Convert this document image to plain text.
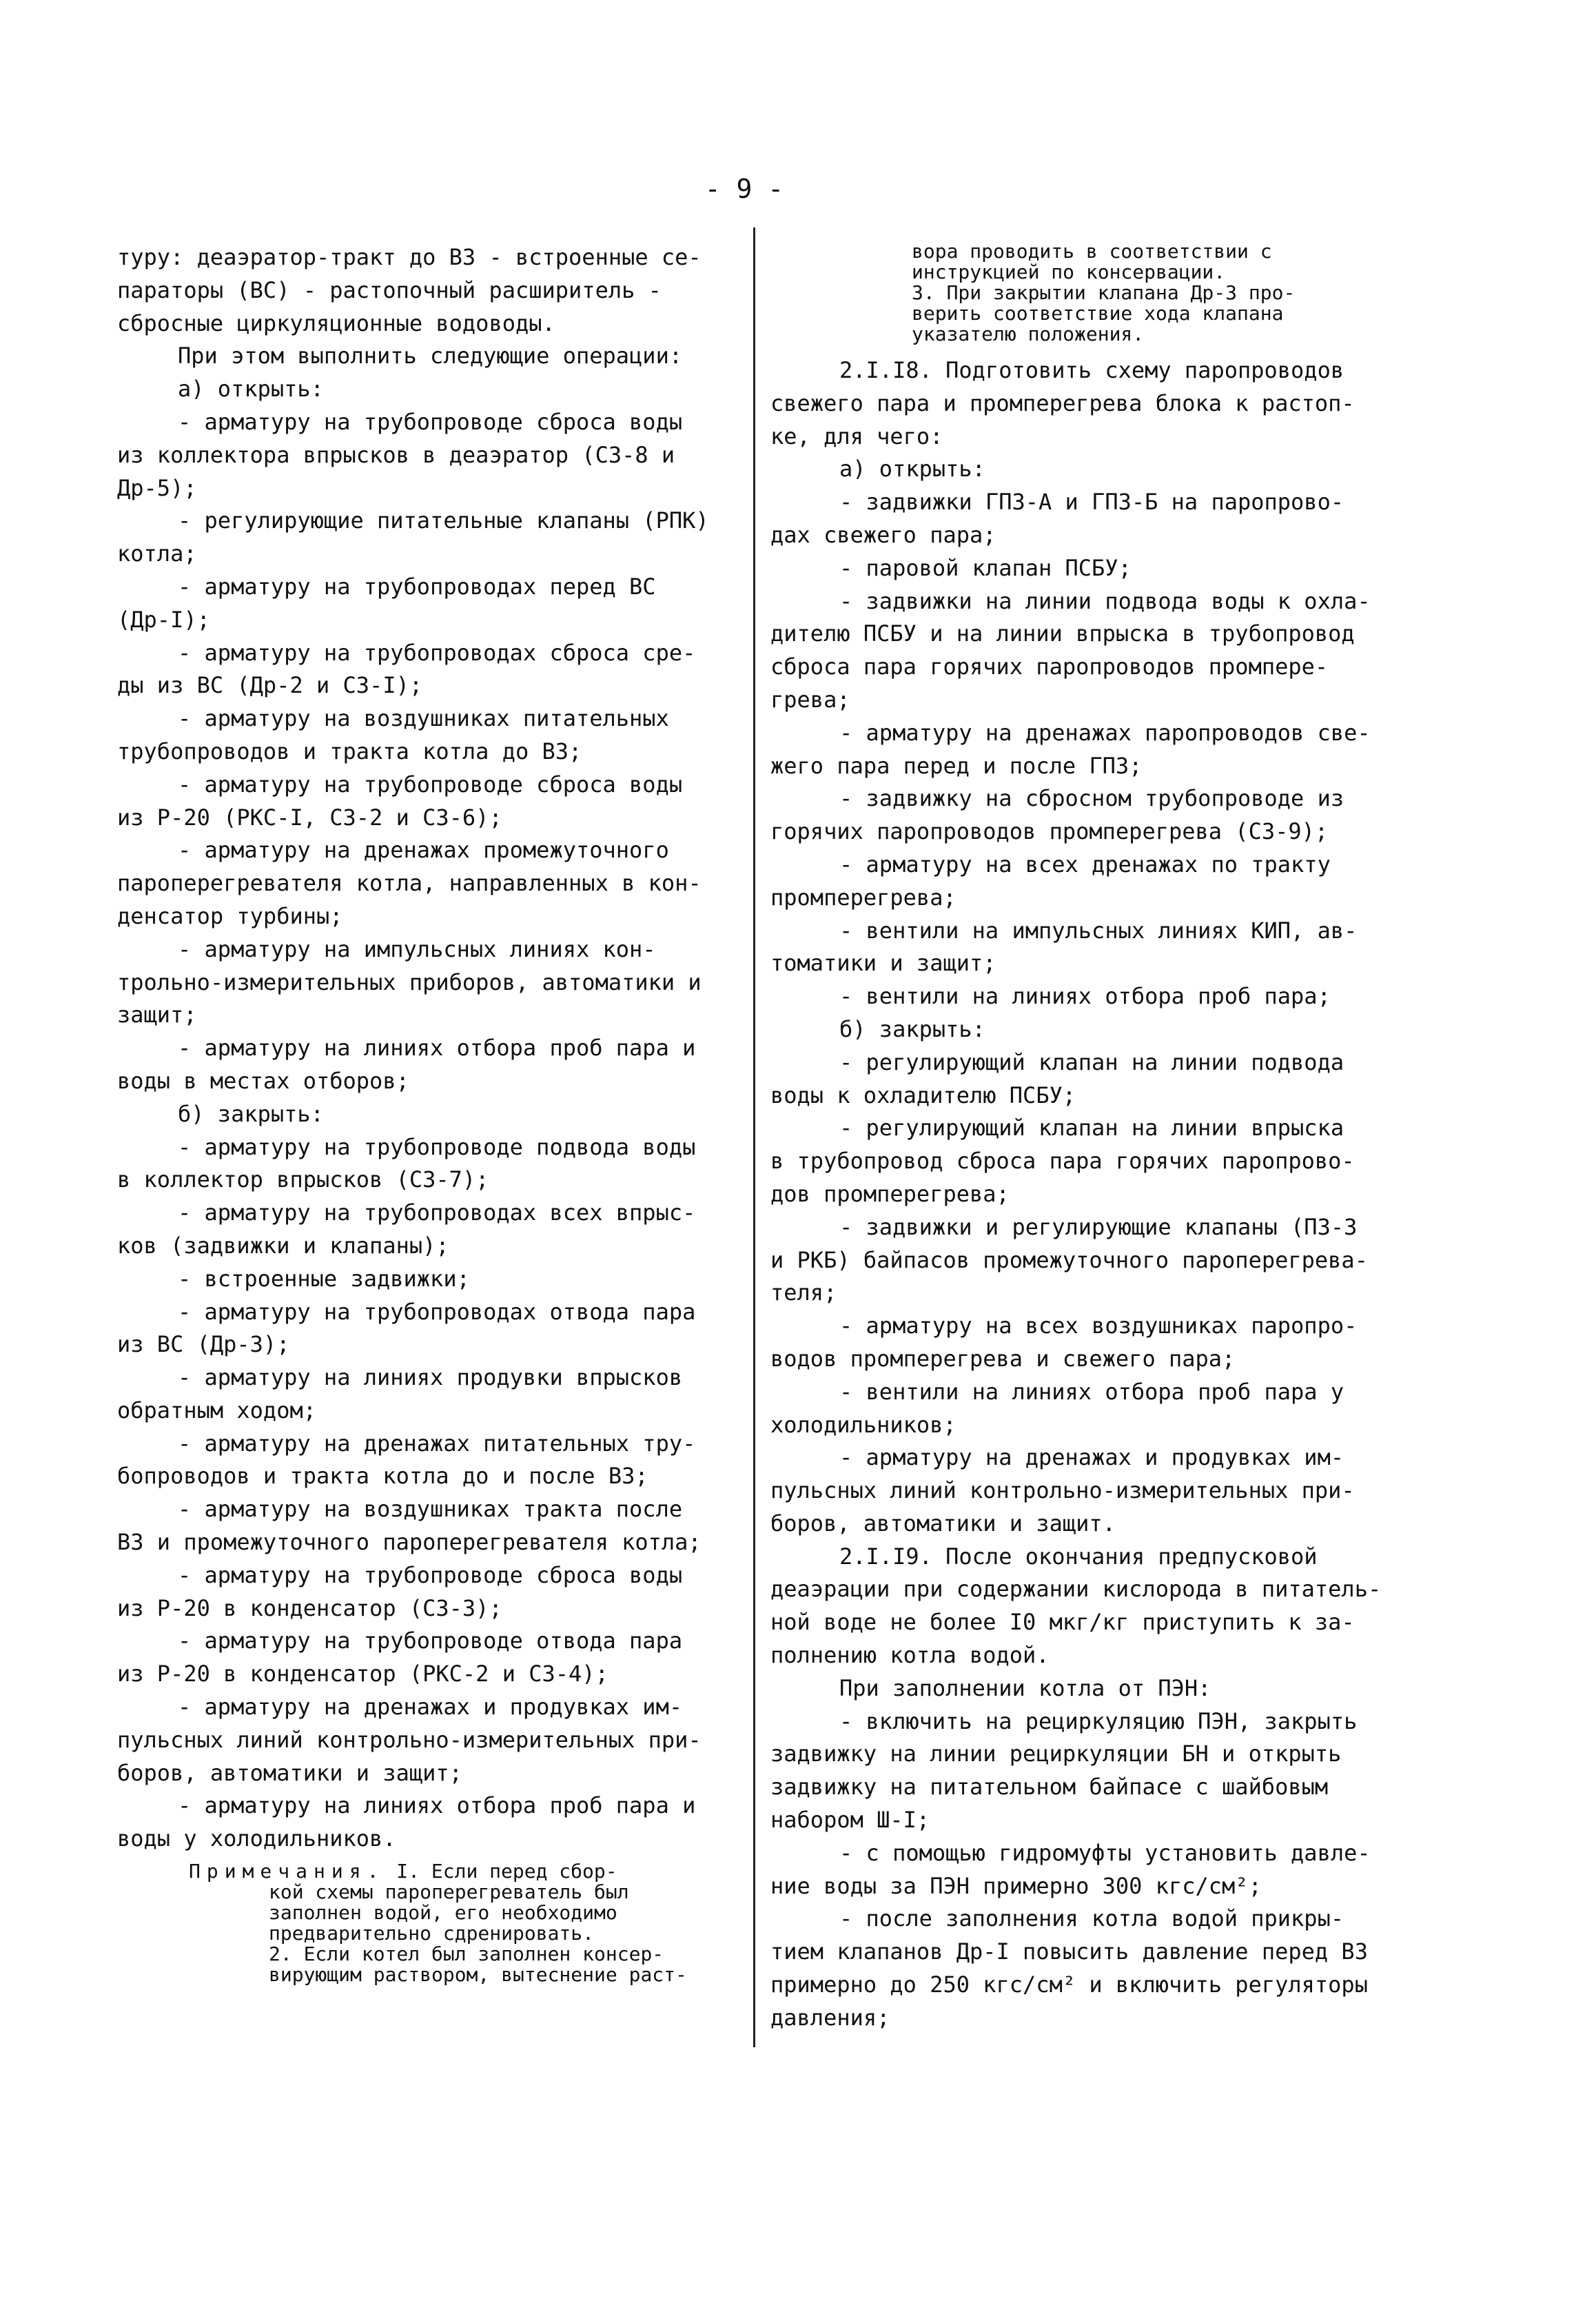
- 9 -
туру: деаэратор-тракт до ВЗ - встроенные се-
параторы (ВС) - растопочный расширитель -
сбросные циркуляционные водоводы.
При этом выполнить следующие операции:
а) открыть:
- арматуру на трубопроводе сброса воды
из коллектора впрысков в деаэратор (СЗ-8 и
Др-5);
- регулирующие питательные клапаны (РПК)
котла;
- арматуру на трубопроводах перед ВС
(Др-I);
- арматуру на трубопроводах сброса сре-
ды из ВС (Др-2 и СЗ-I);
- арматуру на воздушниках питательных
трубопроводов и тракта котла до ВЗ;
- арматуру на трубопроводе сброса воды
из Р-20 (РКС-I, СЗ-2 и СЗ-6);
- арматуру на дренажах промежуточного
пароперегревателя котла, направленных в кон-
денсатор турбины;
- арматуру на импульсных линиях кон-
трольно-измерительных приборов, автоматики и
защит;
- арматуру на линиях отбора проб пара и
воды в местах отборов;
б) закрыть:
- арматуру на трубопроводе подвода воды
в коллектор впрысков (СЗ-7);
- арматуру на трубопроводах всех впрыс-
ков (задвижки и клапаны);
- встроенные задвижки;
- арматуру на трубопроводах отвода пара
из ВС (Др-3);
- арматуру на линиях продувки впрысков
обратным ходом;
- арматуру на дренажах питательных тру-
бопроводов и тракта котла до и после ВЗ;
- арматуру на воздушниках тракта после
ВЗ и промежуточного пароперегревателя котла;
- арматуру на трубопроводе сброса воды
из Р-20 в конденсатор (СЗ-3);
- арматуру на трубопроводе отвода пара
из Р-20 в конденсатор (РКС-2 и СЗ-4);
- арматуру на дренажах и продувках им-
пульсных линий контрольно-измерительных при-
боров, автоматики и защит;
- арматуру на линиях отбора проб пара и
воды у холодильников.
Примечания. I. Если перед сбор-
кой схемы пароперегреватель был
заполнен водой, его необходимо
предварительно сдренировать.
2. Если котел был заполнен консер-
вирующим раствором, вытеснение раст-
вора проводить в соответствии с
инструкцией по консервации.
3. При закрытии клапана Др-3 про-
верить соответствие хода клапана
указателю положения.
2.I.I8. Подготовить схему паропроводов
свежего пара и промперегрева блока к растоп-
ке, для чего:
а) открыть:
- задвижки ГПЗ-А и ГПЗ-Б на паропрово-
дах свежего пара;
- паровой клапан ПСБУ;
- задвижки на линии подвода воды к охла-
дителю ПСБУ и на линии впрыска в трубопровод
сброса пара горячих паропроводов промпере-
грева;
- арматуру на дренажах паропроводов све-
жего пара перед и после ГПЗ;
- задвижку на сбросном трубопроводе из
горячих паропроводов промперегрева (СЗ-9);
- арматуру на всех дренажах по тракту
промперегрева;
- вентили на импульсных линиях КИП, ав-
томатики и защит;
- вентили на линиях отбора проб пара;
б) закрыть:
- регулирующий клапан на линии подвода
воды к охладителю ПСБУ;
- регулирующий клапан на линии впрыска
в трубопровод сброса пара горячих паропрово-
дов промперегрева;
- задвижки и регулирующие клапаны (ПЗ-3
и РКБ) байпасов промежуточного пароперегрева-
теля;
- арматуру на всех воздушниках паропро-
водов промперегрева и свежего пара;
- вентили на линиях отбора проб пара у
холодильников;
- арматуру на дренажах и продувках им-
пульсных линий контрольно-измерительных при-
боров, автоматики и защит.
2.I.I9. После окончания предпусковой
деаэрации при содержании кислорода в питатель-
ной воде не более I0 мкг/кг приступить к за-
полнению котла водой.
При заполнении котла от ПЭН:
- включить на рециркуляцию ПЭН, закрыть
задвижку на линии рециркуляции БН и открыть
задвижку на питательном байпасе с шайбовым
набором Ш-I;
- с помощью гидромуфты установить давле-
ние воды за ПЭН примерно 300 кгс/см²;
- после заполнения котла водой прикры-
тием клапанов Др-I повысить давление перед ВЗ
примерно до 250 кгс/см² и включить регуляторы
давления;
